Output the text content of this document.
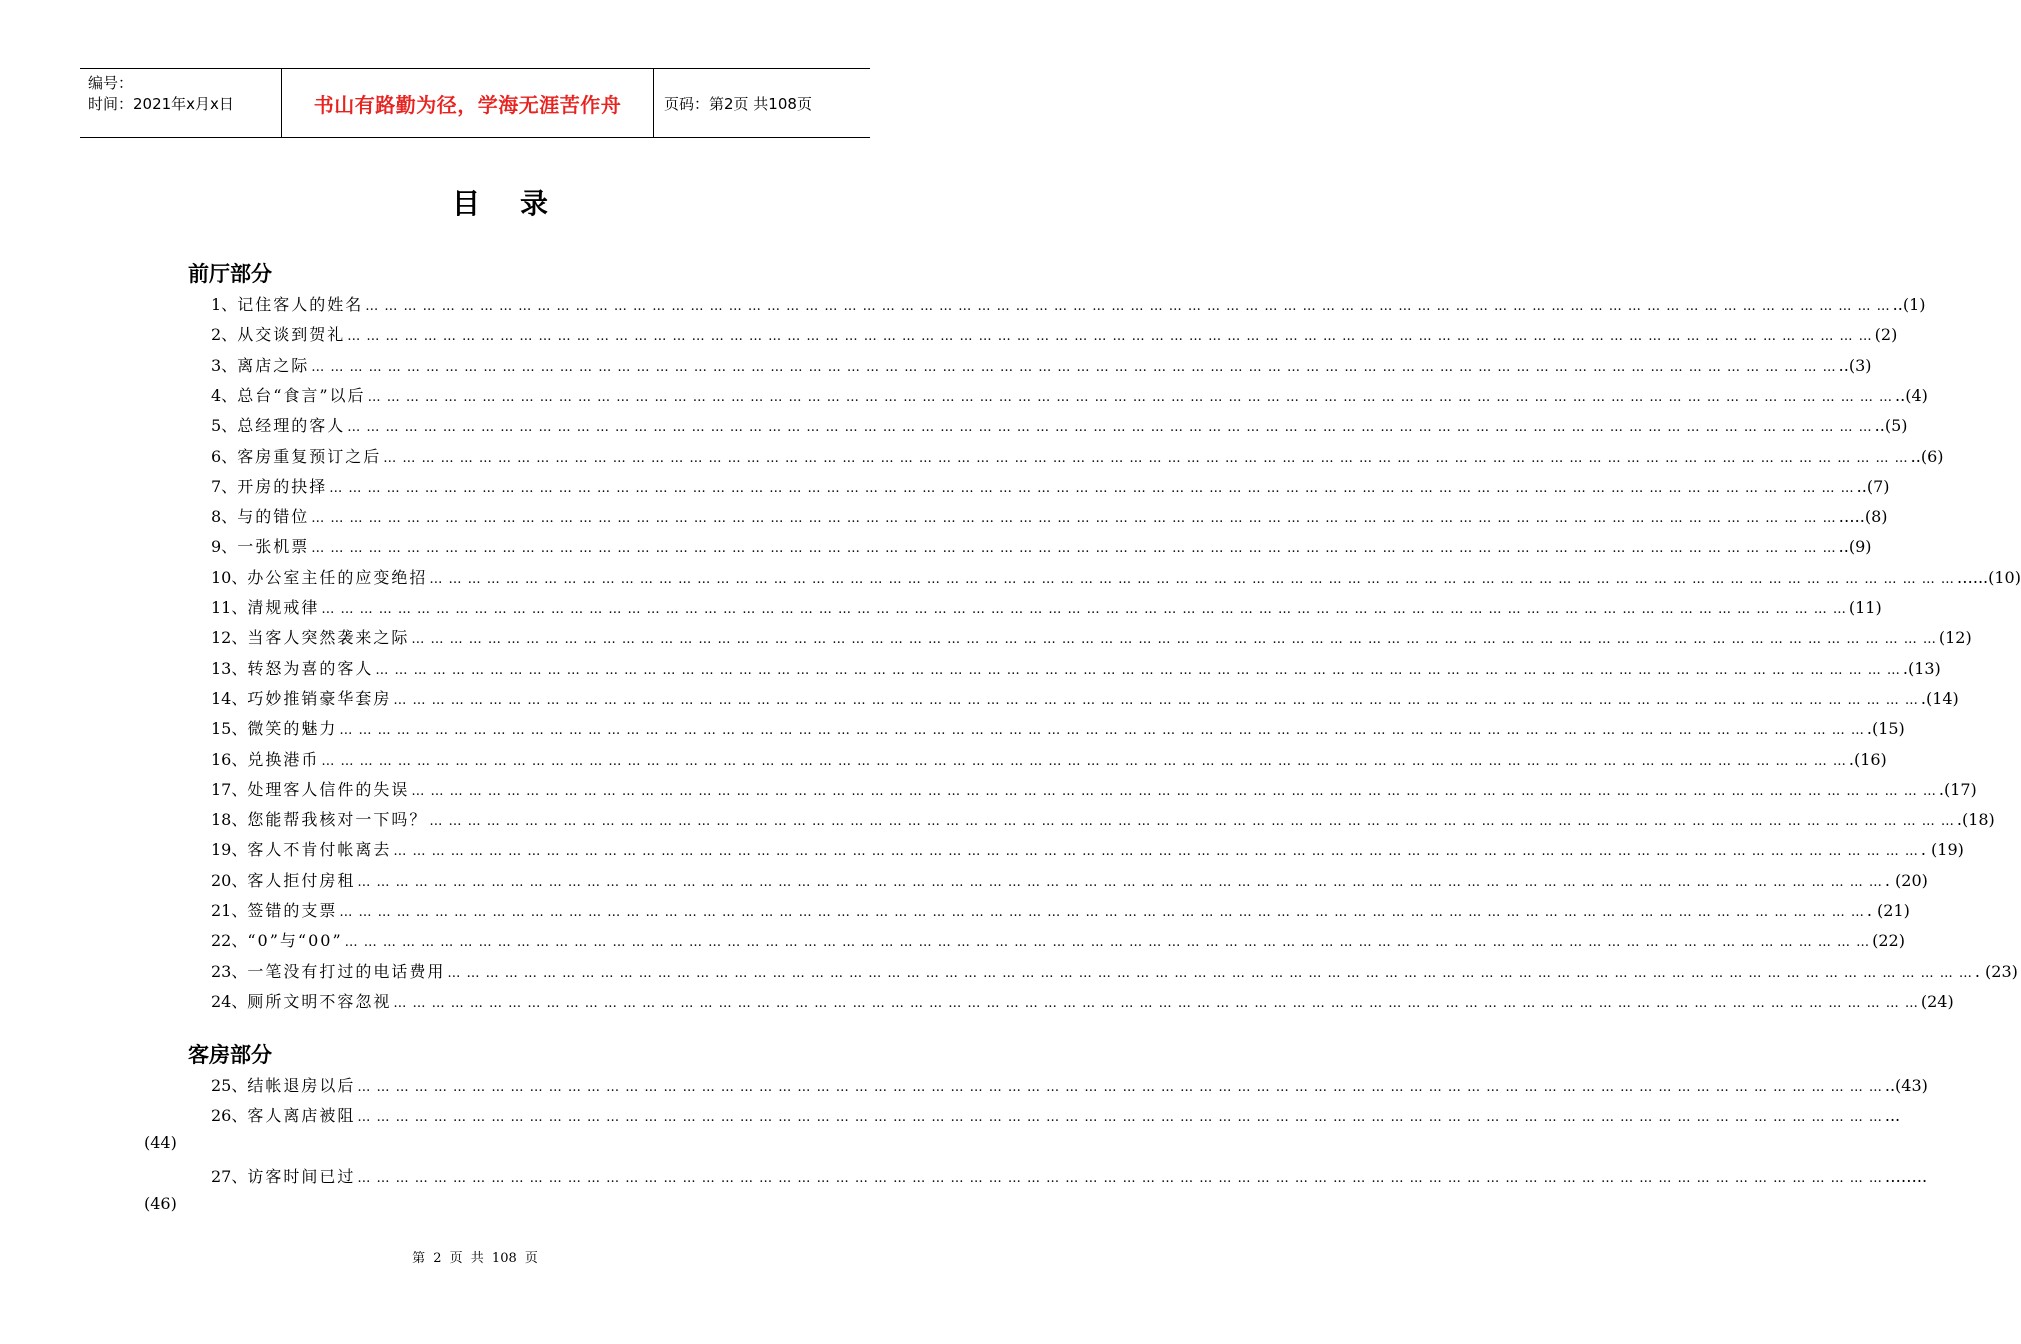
编号：
时间：2021年x月x日	书山有路勤为径，学海无涯苦作舟	页码：第2页 共108页
目录
前厅部分
客房部分
1、 记住客人的姓名 … … … … … … … … … … … … … … … … … … … … … … … … … … … … … … … … … … … … … … … … … … … … … … … … … … … … … … … … … … … … … … … … … … … … … … … … … … … … … … … … ..(1)
2、 从交谈到贺礼 … … … … … … … … … … … … … … … … … … … … … … … … … … … … … … … … … … … … … … … … … … … … … … … … … … … … … … … … … … … … … … … … … … … … … … … … … … … … … … … … (2)
3、 离店之际 … … … … … … … … … … … … … … … … … … … … … … … … … … … … … … … … … … … … … … … … … … … … … … … … … … … … … … … … … … … … … … … … … … … … … … … … … … … … … … … … ..(3)
4、 总台“食言”以后 … … … … … … … … … … … … … … … … … … … … … … … … … … … … … … … … … … … … … … … … … … … … … … … … … … … … … … … … … … … … … … … … … … … … … … … … … … … … … … … … ..(4)
5、 总经理的客人 … … … … … … … … … … … … … … … … … … … … … … … … … … … … … … … … … … … … … … … … … … … … … … … … … … … … … … … … … … … … … … … … … … … … … … … … … … … … … … … … ..(5)
6、 客房重复预订之后 … … … … … … … … … … … … … … … … … … … … … … … … … … … … … … … … … … … … … … … … … … … … … … … … … … … … … … … … … … … … … … … … … … … … … … … … … … … … … … … … ..(6)
7、 开房的抉择 … … … … … … … … … … … … … … … … … … … … … … … … … … … … … … … … … … … … … … … … … … … … … … … … … … … … … … … … … … … … … … … … … … … … … … … … … … … … … … … … ..(7)
8、 与的错位 … … … … … … … … … … … … … … … … … … … … … … … … … … … … … … … … … … … … … … … … … … … … … … … … … … … … … … … … … … … … … … … … … … … … … … … … … … … … … … … … …..(8)
9、 一张机票 … … … … … … … … … … … … … … … … … … … … … … … … … … … … … … … … … … … … … … … … … … … … … … … … … … … … … … … … … … … … … … … … … … … … … … … … … … … … … … … … ..(9)
10、 办公室主任的应变绝招 … … … … … … … … … … … … … … … … … … … … … … … … … … … … … … … … … … … … … … … … … … … … … … … … … … … … … … … … … … … … … … … … … … … … … … … … … … … … … … … … …...(10)
11、 清规戒律 … … … … … … … … … … … … … … … … … … … … … … … … … … … … … … … … … … … … … … … … … … … … … … … … … … … … … … … … … … … … … … … … … … … … … … … … … … … … … … … … (11)
12、 当客人突然袭来之际 … … … … … … … … … … … … … … … … … … … … … … … … … … … … … … … … … … … … … … … … … … … … … … … … … … … … … … … … … … … … … … … … … … … … … … … … … … … … … … … … (12)
13、 转怒为喜的客人 … … … … … … … … … … … … … … … … … … … … … … … … … … … … … … … … … … … … … … … … … … … … … … … … … … … … … … … … … … … … … … … … … … … … … … … … … … … … … … … … .(13)
14、 巧妙推销豪华套房 … … … … … … … … … … … … … … … … … … … … … … … … … … … … … … … … … … … … … … … … … … … … … … … … … … … … … … … … … … … … … … … … … … … … … … … … … … … … … … … … .(14)
15、 微笑的魅力 … … … … … … … … … … … … … … … … … … … … … … … … … … … … … … … … … … … … … … … … … … … … … … … … … … … … … … … … … … … … … … … … … … … … … … … … … … … … … … … … .(15)
16、 兑换港币 … … … … … … … … … … … … … … … … … … … … … … … … … … … … … … … … … … … … … … … … … … … … … … … … … … … … … … … … … … … … … … … … … … … … … … … … … … … … … … … … .(16)
17、 处理客人信件的失误 … … … … … … … … … … … … … … … … … … … … … … … … … … … … … … … … … … … … … … … … … … … … … … … … … … … … … … … … … … … … … … … … … … … … … … … … … … … … … … … … .(17)
18、 您能帮我核对一下吗？ … … … … … … … … … … … … … … … … … … … … … … … … … … … … … … … … … … … … … … … … … … … … … … … … … … … … … … … … … … … … … … … … … … … … … … … … … … … … … … … … .(18)
19、 客人不肯付帐离去 … … … … … … … … … … … … … … … … … … … … … … … … … … … … … … … … … … … … … … … … … … … … … … … … … … … … … … … … … … … … … … … … … … … … … … … … … … … … … … … … . (19)
20、 客人拒付房租 … … … … … … … … … … … … … … … … … … … … … … … … … … … … … … … … … … … … … … … … … … … … … … … … … … … … … … … … … … … … … … … … … … … … … … … … … … … … … … … … . (20)
21、 签错的支票 … … … … … … … … … … … … … … … … … … … … … … … … … … … … … … … … … … … … … … … … … … … … … … … … … … … … … … … … … … … … … … … … … … … … … … … … … … … … … … … … . (21)
22、 “0”与“00” … … … … … … … … … … … … … … … … … … … … … … … … … … … … … … … … … … … … … … … … … … … … … … … … … … … … … … … … … … … … … … … … … … … … … … … … … … … … … … … … (22)
23、 一笔没有打过的电话费用 … … … … … … … … … … … … … … … … … … … … … … … … … … … … … … … … … … … … … … … … … … … … … … … … … … … … … … … … … … … … … … … … … … … … … … … … … … … … … … … … . (23)
24、 厕所文明不容忽视 … … … … … … … … … … … … … … … … … … … … … … … … … … … … … … … … … … … … … … … … … … … … … … … … … … … … … … … … … … … … … … … … … … … … … … … … … … … … … … … … (24)
25、 结帐退房以后 … … … … … … … … … … … … … … … … … … … … … … … … … … … … … … … … … … … … … … … … … … … … … … … … … … … … … … … … … … … … … … … … … … … … … … … … … … … … … … … … ..(43)
26、 客人离店被阻 … … … … … … … … … … … … … … … … … … … … … … … … … … … … … … … … … … … … … … … … … … … … … … … … … … … … … … … … … … … … … … … … … … … … … … … … … … … … … … … … ...
(44)
27、 访客时间已过 … … … … … … … … … … … … … … … … … … … … … … … … … … … … … … … … … … … … … … … … … … … … … … … … … … … … … … … … … … … … … … … … … … … … … … … … … … … … … … … … ……..
(46)
第 2 页 共 108 页
